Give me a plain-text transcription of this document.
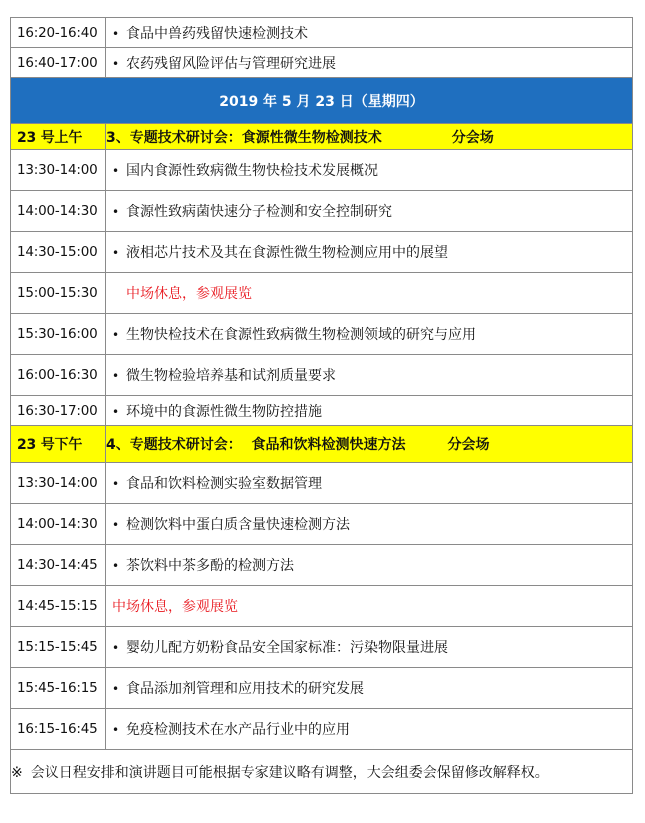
16:20-16:40	• 食品中兽药残留快速检测技术
16:40-17:00	• 农药残留风险评估与管理研究进展
2019 年 5 月 23 日（星期四）	
23 号上午	3、专题技术研讨会：食源性微生物检测技术 分会场
13:30-14:00	• 国内食源性致病微生物快检技术发展概况
14:00-14:30	• 食源性致病菌快速分子检测和安全控制研究
14:30-15:00	• 液相芯片技术及其在食源性微生物检测应用中的展望
15:00-15:30	中场休息，参观展览
15:30-16:00	• 生物快检技术在食源性致病微生物检测领域的研究与应用
16:00-16:30	• 微生物检验培养基和试剂质量要求
16:30-17:00	• 环境中的食源性微生物防控措施
23 号下午	4、专题技术研讨会：  食品和饮料检测快速方法 分会场
13:30-14:00	• 食品和饮料检测实验室数据管理
14:00-14:30	• 检测饮料中蛋白质含量快速检测方法
14:30-14:45	• 茶饮料中茶多酚的检测方法
14:45-15:15	中场休息，参观展览
15:15-15:45	• 婴幼儿配方奶粉食品安全国家标准：污染物限量进展
15:45-16:15	• 食品添加剂管理和应用技术的研究发展
16:15-16:45	• 免疫检测技术在水产品行业中的应用
※ 会议日程安排和演讲题目可能根据专家建议略有调整，大会组委会保留修改解释权。	
